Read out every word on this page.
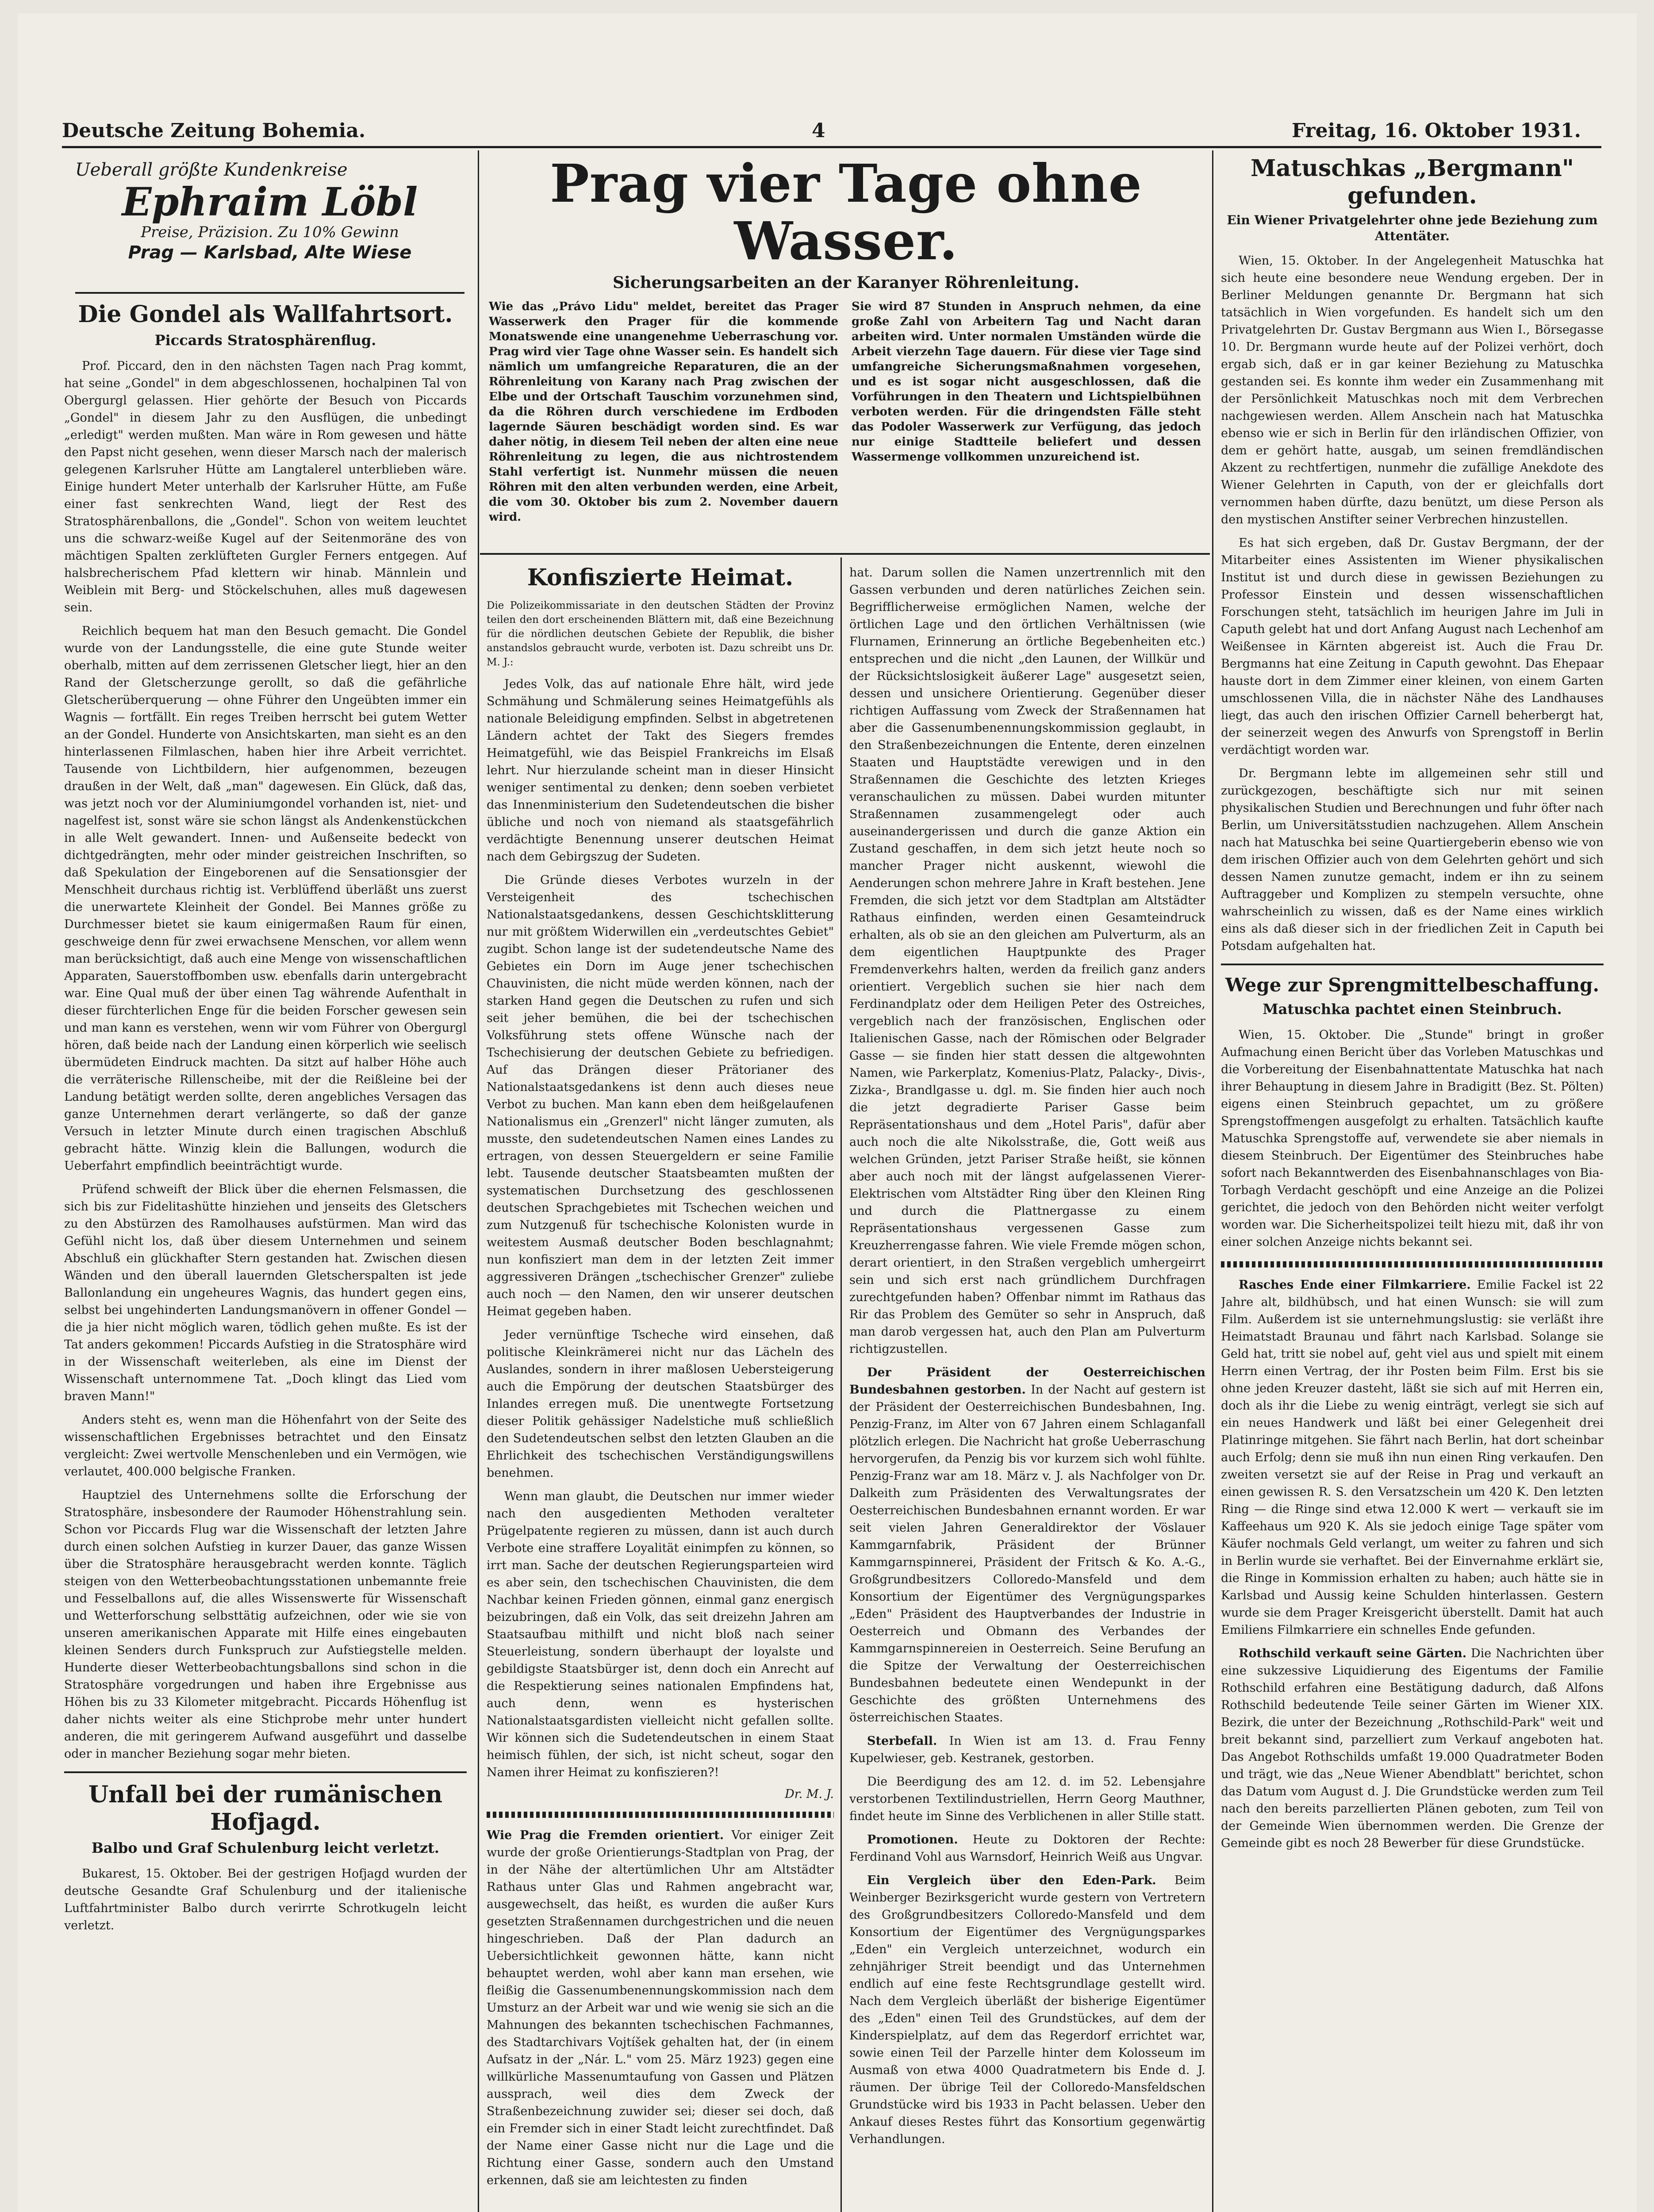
Deutsche Zeitung Bohemia.	4	Freitag, 16. Oktober 1931.
Ueberall größte Kundenkreise
Ephraim Löbl
Preise, Präzision. Zu 10% Gewinn
Prag — Karlsbad, Alte Wiese
Die Gondel als Wallfahrtsort.
Piccards Stratosphärenflug.

Prof. Piccard, den in den nächsten Tagen nach Prag kommt, hat seine „Gondel" in dem abgeschlossenen, hochalpinen Tal von Obergurgl gelassen. Hier gehörte der Besuch von Piccards „Gondel" in diesem Jahr zu den Ausflügen, die unbedingt „erledigt" werden mußten. Man wäre in Rom gewesen und hätte den Papst nicht gesehen, wenn dieser Marsch nach der malerisch gelegenen Karlsruher Hütte am Langtalerel unterblieben wäre. Einige hundert Meter unterhalb der Karlsruher Hütte, am Fuße einer fast senkrechten Wand, liegt der Rest des Stratosphärenballons, die „Gondel". Schon von weitem leuchtet uns die schwarz-weiße Kugel auf der Seitenmoräne des von mächtigen Spalten zerklüfteten Gurgler Ferners entgegen. Auf halsbrecherischem Pfad klettern wir hinab. Männlein und Weiblein mit Berg- und Stöckelschuhen, alles muß dagewesen sein.

Reichlich bequem hat man den Besuch gemacht. Die Gondel wurde von der Landungsstelle, die eine gute Stunde weiter oberhalb, mitten auf dem zerrissenen Gletscher liegt, hier an den Rand der Gletscherzunge gerollt, so daß die gefährliche Gletscherüberquerung — ohne Führer den Ungeübten immer ein Wagnis — fortfällt. Ein reges Treiben herrscht bei gutem Wetter an der Gondel. Hunderte von Ansichtskarten, man sieht es an den hinterlassenen Filmlaschen, haben hier ihre Arbeit verrichtet. Tausende von Lichtbildern, hier aufgenommen, bezeugen draußen in der Welt, daß „man" dagewesen. Ein Glück, daß das, was jetzt noch vor der Aluminiumgondel vorhanden ist, niet- und nagelfest ist, sonst wäre sie schon längst als Andenkenstückchen in alle Welt gewandert. Innen- und Außenseite bedeckt von dichtgedrängten, mehr oder minder geistreichen Inschriften, so daß Spekulation der Eingeborenen auf die Sensationsgier der Menschheit durchaus richtig ist. Verblüffend überläßt uns zuerst die unerwartete Kleinheit der Gondel. Bei Mannes größe zu Durchmesser bietet sie kaum einigermaßen Raum für einen, geschweige denn für zwei erwachsene Menschen, vor allem wenn man berücksichtigt, daß auch eine Menge von wissenschaftlichen Apparaten, Sauerstoffbomben usw. ebenfalls darin untergebracht war. Eine Qual muß der über einen Tag währende Aufenthalt in dieser fürchterlichen Enge für die beiden Forscher gewesen sein und man kann es verstehen, wenn wir vom Führer von Obergurgl hören, daß beide nach der Landung einen körperlich wie seelisch übermüdeten Eindruck machten. Da sitzt auf halber Höhe auch die verräterische Rillenscheibe, mit der die Reißleine bei der Landung betätigt werden sollte, deren angebliches Versagen das ganze Unternehmen derart verlängerte, so daß der ganze Versuch in letzter Minute durch einen tragischen Abschluß gebracht hätte. Winzig klein die Ballungen, wodurch die Ueberfahrt empfindlich beeinträchtigt wurde.

Prüfend schweift der Blick über die ehernen Felsmassen, die sich bis zur Fidelitashütte hinziehen und jenseits des Gletschers zu den Abstürzen des Ramolhauses aufstürmen. Man wird das Gefühl nicht los, daß über diesem Unternehmen und seinem Abschluß ein glückhafter Stern gestanden hat. Zwischen diesen Wänden und den überall lauernden Gletscherspalten ist jede Ballonlandung ein ungeheures Wagnis, das hundert gegen eins, selbst bei ungehinderten Landungsmanövern in offener Gondel — die ja hier nicht möglich waren, tödlich gehen mußte. Es ist der Tat anders gekommen! Piccards Aufstieg in die Stratosphäre wird in der Wissenschaft weiterleben, als eine im Dienst der Wissenschaft unternommene Tat. „Doch klingt das Lied vom braven Mann!"

Anders steht es, wenn man die Höhenfahrt von der Seite des wissenschaftlichen Ergebnisses betrachtet und den Einsatz vergleicht: Zwei wertvolle Menschenleben und ein Vermögen, wie verlautet, 400.000 belgische Franken.

Hauptziel des Unternehmens sollte die Erforschung der Stratosphäre, insbesondere der Raumoder Höhenstrahlung sein. Schon vor Piccards Flug war die Wissenschaft der letzten Jahre durch einen solchen Aufstieg in kurzer Dauer, das ganze Wissen über die Stratosphäre herausgebracht werden konnte. Täglich steigen von den Wetterbeobachtungsstationen unbemannte freie und Fesselballons auf, die alles Wissenswerte für Wissenschaft und Wetterforschung selbsttätig aufzeichnen, oder wie sie von unseren amerikanischen Apparate mit Hilfe eines eingebauten kleinen Senders durch Funkspruch zur Aufstiegstelle melden. Hunderte dieser Wetterbeobachtungsballons sind schon in die Stratosphäre vorgedrungen und haben ihre Ergebnisse aus Höhen bis zu 33 Kilometer mitgebracht. Piccards Höhenflug ist daher nichts weiter als eine Stichprobe mehr unter hundert anderen, die mit geringerem Aufwand ausgeführt und dasselbe oder in mancher Beziehung sogar mehr bieten.

Unfall bei der rumänischen Hofjagd.
Balbo und Graf Schulenburg leicht verletzt.

Bukarest, 15. Oktober. Bei der gestrigen Hofjagd wurden der deutsche Gesandte Graf Schulenburg und der italienische Luftfahrtminister Balbo durch verirrte Schrotkugeln leicht verletzt.

Prag vier Tage ohne Wasser.
Sicherungsarbeiten an der Karanyer Röhrenleitung.
Wie das „Právo Lidu" meldet, bereitet das Prager Wasserwerk den Prager für die kommende Monatswende eine unangenehme Ueberraschung vor. Prag wird vier Tage ohne Wasser sein. Es handelt sich nämlich um umfangreiche Reparaturen, die an der Röhrenleitung von Karany nach Prag zwischen der Elbe und der Ortschaft Tauschim vorzunehmen sind, da die Röhren durch verschiedene im Erdboden lagernde Säuren beschädigt worden sind. Es war daher nötig, in diesem Teil neben der alten eine neue Röhrenleitung zu legen, die aus nichtrostendem Stahl verfertigt ist. Nunmehr müssen die neuen Röhren mit den alten verbunden werden, eine Arbeit, die vom 30. Oktober bis zum 2. November dauern wird.
Sie wird 87 Stunden in Anspruch nehmen, da eine große Zahl von Arbeitern Tag und Nacht daran arbeiten wird. Unter normalen Umständen würde die Arbeit vierzehn Tage dauern. Für diese vier Tage sind umfangreiche Sicherungsmaßnahmen vorgesehen, und es ist sogar nicht ausgeschlossen, daß die Vorführungen in den Theatern und Lichtspielbühnen verboten werden. Für die dringendsten Fälle steht das Podoler Wasserwerk zur Verfügung, das jedoch nur einige Stadtteile beliefert und dessen Wassermenge vollkommen unzureichend ist.
Konfiszierte Heimat.

Die Polizeikommissariate in den deutschen Städten der Provinz teilen den dort erscheinenden Blättern mit, daß eine Bezeichnung für die nördlichen deutschen Gebiete der Republik, die bisher anstandslos gebraucht wurde, verboten ist. Dazu schreibt uns Dr. M. J.:

Jedes Volk, das auf nationale Ehre hält, wird jede Schmähung und Schmälerung seines Heimatgefühls als nationale Beleidigung empfinden. Selbst in abgetretenen Ländern achtet der Takt des Siegers fremdes Heimatgefühl, wie das Beispiel Frankreichs im Elsaß lehrt. Nur hierzulande scheint man in dieser Hinsicht weniger sentimental zu denken; denn soeben verbietet das Innenministerium den Sudetendeutschen die bisher übliche und noch von niemand als staatsgefährlich verdächtigte Benennung unserer deutschen Heimat nach dem Gebirgszug der Sudeten.

Die Gründe dieses Verbotes wurzeln in der Versteigenheit des tschechischen Nationalstaatsgedankens, dessen Geschichtsklitterung nur mit größtem Widerwillen ein „verdeutschtes Gebiet" zugibt. Schon lange ist der sudetendeutsche Name des Gebietes ein Dorn im Auge jener tschechischen Chauvinisten, die nicht müde werden können, nach der starken Hand gegen die Deutschen zu rufen und sich seit jeher bemühen, die bei der tschechischen Volksführung stets offene Wünsche nach der Tschechisierung der deutschen Gebiete zu befriedigen. Auf das Drängen dieser Prätorianer des Nationalstaatsgedankens ist denn auch dieses neue Verbot zu buchen. Man kann eben dem heißgelaufenen Nationalismus ein „Grenzerl" nicht länger zumuten, als musste, den sudetendeutschen Namen eines Landes zu ertragen, von dessen Steuergeldern er seine Familie lebt. Tausende deutscher Staatsbeamten mußten der systematischen Durchsetzung des geschlossenen deutschen Sprachgebietes mit Tschechen weichen und zum Nutzgenuß für tschechische Kolonisten wurde in weitestem Ausmaß deutscher Boden beschlagnahmt; nun konfisziert man dem in der letzten Zeit immer aggressiveren Drängen „tschechischer Grenzer" zuliebe auch noch — den Namen, den wir unserer deutschen Heimat gegeben haben.

Jeder vernünftige Tscheche wird einsehen, daß politische Kleinkrämerei nicht nur das Lächeln des Auslandes, sondern in ihrer maßlosen Uebersteigerung auch die Empörung der deutschen Staatsbürger des Inlandes erregen muß. Die unentwegte Fortsetzung dieser Politik gehässiger Nadelstiche muß schließlich den Sudetendeutschen selbst den letzten Glauben an die Ehrlichkeit des tschechischen Verständigungswillens benehmen.

Wenn man glaubt, die Deutschen nur immer wieder nach den ausgedienten Methoden veralteter Prügelpatente regieren zu müssen, dann ist auch durch Verbote eine straffere Loyalität einimpfen zu können, so irrt man. Sache der deutschen Regierungsparteien wird es aber sein, den tschechischen Chauvinisten, die dem Nachbar keinen Frieden gönnen, einmal ganz energisch beizubringen, daß ein Volk, das seit dreizehn Jahren am Staatsaufbau mithilft und nicht bloß nach seiner Steuerleistung, sondern überhaupt der loyalste und gebildigste Staatsbürger ist, denn doch ein Anrecht auf die Respektierung seines nationalen Empfindens hat, auch denn, wenn es hysterischen Nationalstaatsgardisten vielleicht nicht gefallen sollte. Wir können sich die Sudetendeutschen in einem Staat heimisch fühlen, der sich, ist nicht scheut, sogar den Namen ihrer Heimat zu konfiszieren?!

Dr. M. J.

Wie Prag die Fremden orientiert. Vor einiger Zeit wurde der große Orientierungs-Stadtplan von Prag, der in der Nähe der altertümlichen Uhr am Altstädter Rathaus unter Glas und Rahmen angebracht war, ausgewechselt, das heißt, es wurden die außer Kurs gesetzten Straßennamen durchgestrichen und die neuen hingeschrieben. Daß der Plan dadurch an Uebersichtlichkeit gewonnen hätte, kann nicht behauptet werden, wohl aber kann man ersehen, wie fleißig die Gassenumbenennungskommission nach dem Umsturz an der Arbeit war und wie wenig sie sich an die Mahnungen des bekannten tschechischen Fachmannes, des Stadtarchivars Vojtíšek gehalten hat, der (in einem Aufsatz in der „Nár. L." vom 25. März 1923) gegen eine willkürliche Massenumtaufung von Gassen und Plätzen aussprach, weil dies dem Zweck der Straßenbezeichnung zuwider sei; dieser sei doch, daß ein Fremder sich in einer Stadt leicht zurechtfindet. Daß der Name einer Gasse nicht nur die Lage und die Richtung einer Gasse, sondern auch den Umstand erkennen, daß sie am leichtesten zu finden

hat. Darum sollen die Namen unzertrennlich mit den Gassen verbunden und deren natürliches Zeichen sein. Begrifflicherweise ermöglichen Namen, welche der örtlichen Lage und den örtlichen Verhältnissen (wie Flurnamen, Erinnerung an örtliche Begebenheiten etc.) entsprechen und die nicht „den Launen, der Willkür und der Rücksichtslosigkeit äußerer Lage" ausgesetzt seien, dessen und unsichere Orientierung. Gegenüber dieser richtigen Auffassung vom Zweck der Straßennamen hat aber die Gassenumbenennungskommission geglaubt, in den Straßenbezeichnungen die Entente, deren einzelnen Staaten und Hauptstädte verewigen und in den Straßennamen die Geschichte des letzten Krieges veranschaulichen zu müssen. Dabei wurden mitunter Straßennamen zusammengelegt oder auch auseinandergerissen und durch die ganze Aktion ein Zustand geschaffen, in dem sich jetzt heute noch so mancher Prager nicht auskennt, wiewohl die Aenderungen schon mehrere Jahre in Kraft bestehen. Jene Fremden, die sich jetzt vor dem Stadtplan am Altstädter Rathaus einfinden, werden einen Gesamteindruck erhalten, als ob sie an den gleichen am Pulverturm, als an dem eigentlichen Hauptpunkte des Prager Fremdenverkehrs halten, werden da freilich ganz anders orientiert. Vergeblich suchen sie hier nach dem Ferdinandplatz oder dem Heiligen Peter des Ostreiches, vergeblich nach der französischen, Englischen oder Italienischen Gasse, nach der Römischen oder Belgrader Gasse — sie finden hier statt dessen die altgewohnten Namen, wie Parkerplatz, Komenius-Platz, Palacky-, Divis-, Zizka-, Brandlgasse u. dgl. m. Sie finden hier auch noch die jetzt degradierte Pariser Gasse beim Repräsentationshaus und dem „Hotel Paris", dafür aber auch noch die alte Nikolsstraße, die, Gott weiß aus welchen Gründen, jetzt Pariser Straße heißt, sie können aber auch noch mit der längst aufgelassenen Vierer-Elektrischen vom Altstädter Ring über den Kleinen Ring und durch die Plattnergasse zu einem Repräsentationshaus vergessenen Gasse zum Kreuzherrengasse fahren. Wie viele Fremde mögen schon, derart orientiert, in den Straßen vergeblich umhergeirrt sein und sich erst nach gründlichem Durchfragen zurechtgefunden haben? Offenbar nimmt im Rathaus das Rir das Problem des Gemüter so sehr in Anspruch, daß man darob vergessen hat, auch den Plan am Pulverturm richtigzustellen.

Der Präsident der Oesterreichischen Bundesbahnen gestorben. In der Nacht auf gestern ist der Präsident der Oesterreichischen Bundesbahnen, Ing. Penzig-Franz, im Alter von 67 Jahren einem Schlaganfall plötzlich erlegen. Die Nachricht hat große Ueberraschung hervorgerufen, da Penzig bis vor kurzem sich wohl fühlte. Penzig-Franz war am 18. März v. J. als Nachfolger von Dr. Dalkeith zum Präsidenten des Verwaltungsrates der Oesterreichischen Bundesbahnen ernannt worden. Er war seit vielen Jahren Generaldirektor der Vöslauer Kammgarnfabrik, Präsident der Brünner Kammgarnspinnerei, Präsident der Fritsch & Ko. A.-G., Großgrundbesitzers Colloredo-Mansfeld und dem Konsortium der Eigentümer des Vergnügungsparkes „Eden" Präsident des Hauptverbandes der Industrie in Oesterreich und Obmann des Verbandes der Kammgarnspinnereien in Oesterreich. Seine Berufung an die Spitze der Verwaltung der Oesterreichischen Bundesbahnen bedeutete einen Wendepunkt in der Geschichte des größten Unternehmens des österreichischen Staates.

Sterbefall. In Wien ist am 13. d. Frau Fenny Kupelwieser, geb. Kestranek, gestorben.

Die Beerdigung des am 12. d. im 52. Lebensjahre verstorbenen Textilindustriellen, Herrn Georg Mauthner, findet heute im Sinne des Verblichenen in aller Stille statt.

Promotionen. Heute zu Doktoren der Rechte: Ferdinand Vohl aus Warnsdorf, Heinrich Weiß aus Ungvar.

Ein Vergleich über den Eden-Park. Beim Weinberger Bezirksgericht wurde gestern von Vertretern des Großgrundbesitzers Colloredo-Mansfeld und dem Konsortium der Eigentümer des Vergnügungsparkes „Eden" ein Vergleich unterzeichnet, wodurch ein zehnjähriger Streit beendigt und das Unternehmen endlich auf eine feste Rechtsgrundlage gestellt wird. Nach dem Vergleich überläßt der bisherige Eigentümer des „Eden" einen Teil des Grundstückes, auf dem der Kinderspielplatz, auf dem das Regerdorf errichtet war, sowie einen Teil der Parzelle hinter dem Kolosseum im Ausmaß von etwa 4000 Quadratmetern bis Ende d. J. räumen. Der übrige Teil der Colloredo-Mansfeldschen Grundstücke wird bis 1933 in Pacht belassen. Ueber den Ankauf dieses Restes führt das Konsortium gegenwärtig Verhandlungen.

Matuschkas „Bergmann" gefunden.
Ein Wiener Privatgelehrter ohne jede Beziehung zum Attentäter.

Wien, 15. Oktober. In der Angelegenheit Matuschka hat sich heute eine besondere neue Wendung ergeben. Der in Berliner Meldungen genannte Dr. Bergmann hat sich tatsächlich in Wien vorgefunden. Es handelt sich um den Privatgelehrten Dr. Gustav Bergmann aus Wien I., Börsegasse 10. Dr. Bergmann wurde heute auf der Polizei verhört, doch ergab sich, daß er in gar keiner Beziehung zu Matuschka gestanden sei. Es konnte ihm weder ein Zusammenhang mit der Persönlichkeit Matuschkas noch mit dem Verbrechen nachgewiesen werden. Allem Anschein nach hat Matuschka ebenso wie er sich in Berlin für den irländischen Offizier, von dem er gehört hatte, ausgab, um seinen fremdländischen Akzent zu rechtfertigen, nunmehr die zufällige Anekdote des Wiener Gelehrten in Caputh, von der er gleichfalls dort vernommen haben dürfte, dazu benützt, um diese Person als den mystischen Anstifter seiner Verbrechen hinzustellen.

Es hat sich ergeben, daß Dr. Gustav Bergmann, der der Mitarbeiter eines Assistenten im Wiener physikalischen Institut ist und durch diese in gewissen Beziehungen zu Professor Einstein und dessen wissenschaftlichen Forschungen steht, tatsächlich im heurigen Jahre im Juli in Caputh gelebt hat und dort Anfang August nach Lechenhof am Weißensee in Kärnten abgereist ist. Auch die Frau Dr. Bergmanns hat eine Zeitung in Caputh gewohnt. Das Ehepaar hauste dort in dem Zimmer einer kleinen, von einem Garten umschlossenen Villa, die in nächster Nähe des Landhauses liegt, das auch den irischen Offizier Carnell beherbergt hat, der seinerzeit wegen des Anwurfs von Sprengstoff in Berlin verdächtigt worden war.

Dr. Bergmann lebte im allgemeinen sehr still und zurückgezogen, beschäftigte sich nur mit seinen physikalischen Studien und Berechnungen und fuhr öfter nach Berlin, um Universitätsstudien nachzugehen. Allem Anschein nach hat Matuschka bei seine Quartiergeberin ebenso wie von dem irischen Offizier auch von dem Gelehrten gehört und sich dessen Namen zunutze gemacht, indem er ihn zu seinem Auftraggeber und Komplizen zu stempeln versuchte, ohne wahrscheinlich zu wissen, daß es der Name eines wirklich eins als daß dieser sich in der friedlichen Zeit in Caputh bei Potsdam aufgehalten hat.

Wege zur Sprengmittelbeschaffung.
Matuschka pachtet einen Steinbruch.

Wien, 15. Oktober. Die „Stunde" bringt in großer Aufmachung einen Bericht über das Vorleben Matuschkas und die Vorbereitung der Eisenbahnattentate Matuschka hat nach ihrer Behauptung in diesem Jahre in Bradigitt (Bez. St. Pölten) eigens einen Steinbruch gepachtet, um zu größere Sprengstoffmengen ausgefolgt zu erhalten. Tatsächlich kaufte Matuschka Sprengstoffe auf, verwendete sie aber niemals in diesem Steinbruch. Der Eigentümer des Steinbruches habe sofort nach Bekanntwerden des Eisenbahnanschlages von Bia-Torbagh Verdacht geschöpft und eine Anzeige an die Polizei gerichtet, die jedoch von den Behörden nicht weiter verfolgt worden war. Die Sicherheitspolizei teilt hiezu mit, daß ihr von einer solchen Anzeige nichts bekannt sei.

Rasches Ende einer Filmkarriere. Emilie Fackel ist 22 Jahre alt, bildhübsch, und hat einen Wunsch: sie will zum Film. Außerdem ist sie unternehmungslustig: sie verläßt ihre Heimatstadt Braunau und fährt nach Karlsbad. Solange sie Geld hat, tritt sie nobel auf, geht viel aus und spielt mit einem Herrn einen Vertrag, der ihr Posten beim Film. Erst bis sie ohne jeden Kreuzer dasteht, läßt sie sich auf mit Herren ein, doch als ihr die Liebe zu wenig einträgt, verlegt sie sich auf ein neues Handwerk und läßt bei einer Gelegenheit drei Platinringe mitgehen. Sie fährt nach Berlin, hat dort scheinbar auch Erfolg; denn sie muß ihn nun einen Ring verkaufen. Den zweiten versetzt sie auf der Reise in Prag und verkauft an einen gewissen R. S. den Versatzschein um 420 K. Den letzten Ring — die Ringe sind etwa 12.000 K wert — verkauft sie im Kaffeehaus um 920 K. Als sie jedoch einige Tage später vom Käufer nochmals Geld verlangt, um weiter zu fahren und sich in Berlin wurde sie verhaftet. Bei der Einvernahme erklärt sie, die Ringe in Kommission erhalten zu haben; auch hätte sie in Karlsbad und Aussig keine Schulden hinterlassen. Gestern wurde sie dem Prager Kreisgericht überstellt. Damit hat auch Emiliens Filmkarriere ein schnelles Ende gefunden.

Rothschild verkauft seine Gärten. Die Nachrichten über eine sukzessive Liquidierung des Eigentums der Familie Rothschild erfahren eine Bestätigung dadurch, daß Alfons Rothschild bedeutende Teile seiner Gärten im Wiener XIX. Bezirk, die unter der Bezeichnung „Rothschild-Park" weit und breit bekannt sind, parzelliert zum Verkauf angeboten hat. Das Angebot Rothschilds umfaßt 19.000 Quadratmeter Boden und trägt, wie das „Neue Wiener Abendblatt" berichtet, schon das Datum vom August d. J. Die Grundstücke werden zum Teil nach den bereits parzellierten Plänen geboten, zum Teil von der Gemeinde Wien übernommen werden. Die Grenze der Gemeinde gibt es noch 28 Bewerber für diese Grundstücke.
